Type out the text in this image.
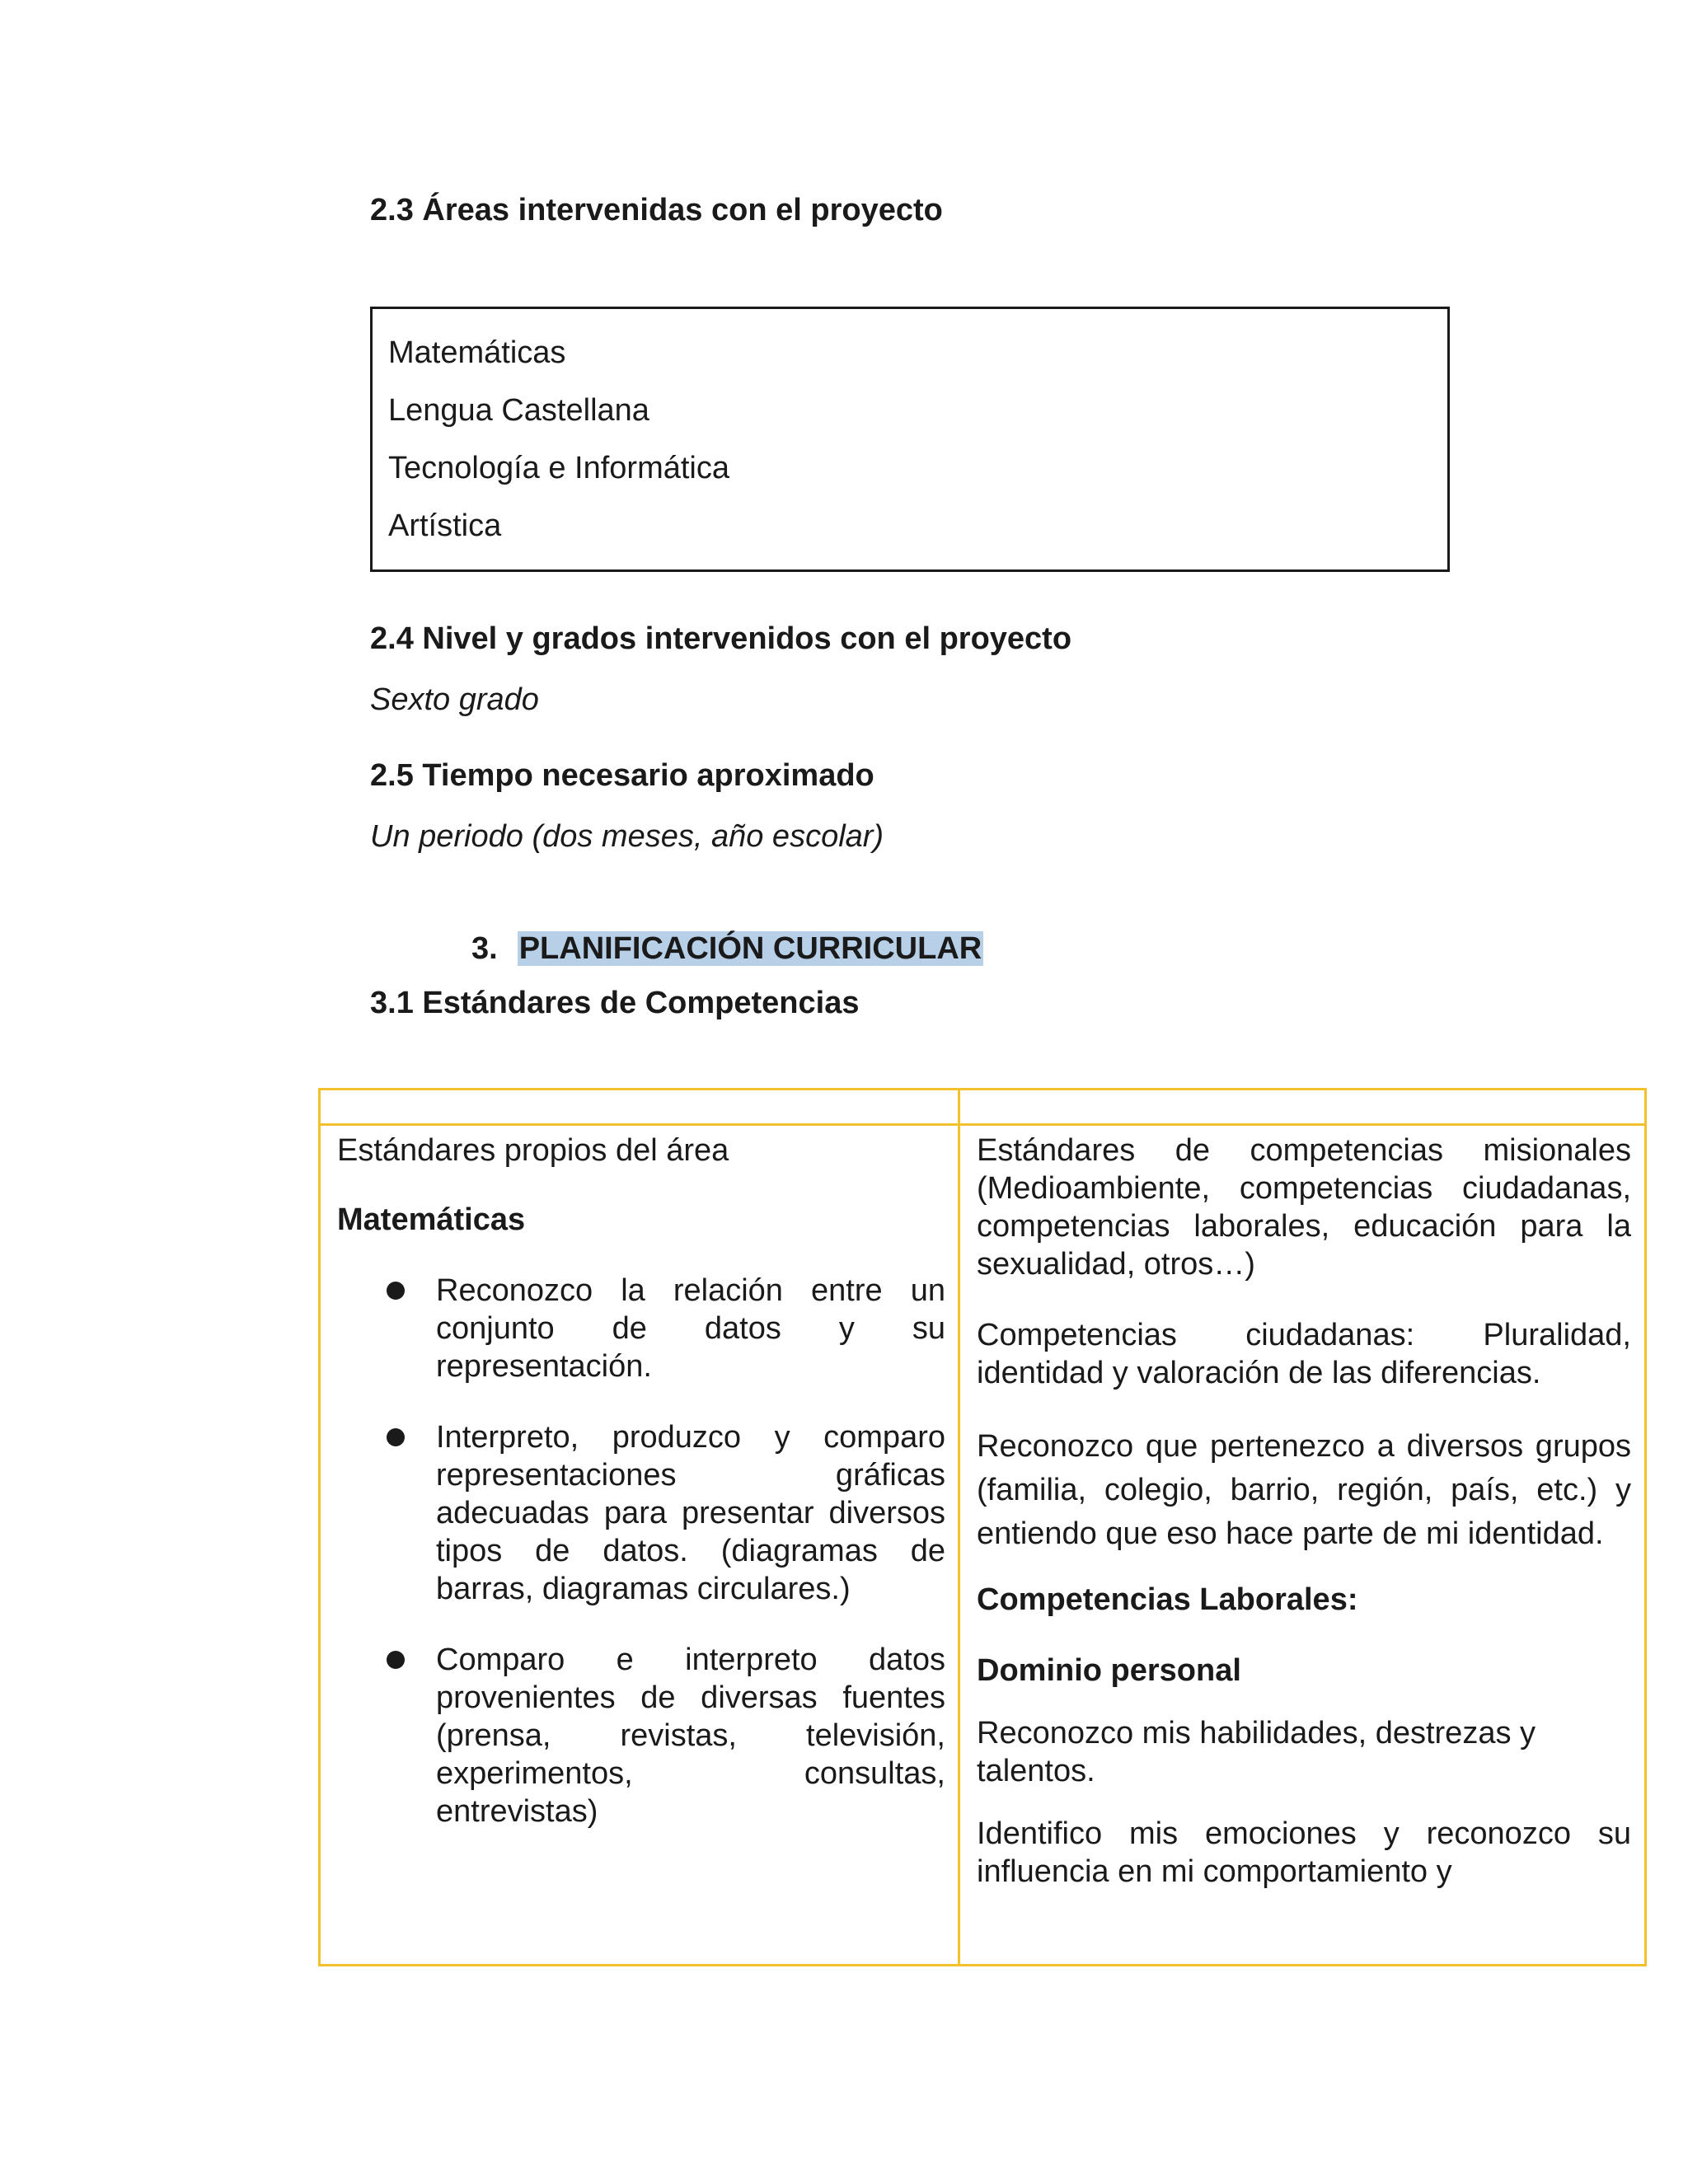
2.3 Áreas intervenidas con el proyecto
Matemáticas
Lengua Castellana
Tecnología e Informática
Artística
2.4 Nivel y grados intervenidos con el proyecto

Sexto grado

2.5 Tiempo necesario aproximado

Un periodo (dos meses, año escolar)

3. PLANIFICACIÓN CURRICULAR
3.1 Estándares de Competencias

Estándares propios del área

Matemáticas

Reconozco la relación entre un conjunto de datos y su representación.
Interpreto, produzco y comparo representaciones gráficas adecuadas para presentar diversos tipos de datos. (diagramas de barras, diagramas circulares.)
Comparo e interpreto datos provenientes de diversas fuentes (prensa, revistas, televisión, experimentos, consultas, entrevistas)

Estándares de competencias misionales (Medioambiente, competencias ciudadanas, competencias laborales, educación para la sexualidad, otros…)

Competencias ciudadanas: Pluralidad, identidad y valoración de las diferencias.

Reconozco que pertenezco a diversos grupos (familia, colegio, barrio, región, país, etc.) y entiendo que eso hace parte de mi identidad.

Competencias Laborales:

Dominio personal

Reconozco mis habilidades, destrezas y talentos.

Identifico mis emociones y reconozco su influencia en mi comportamiento y
